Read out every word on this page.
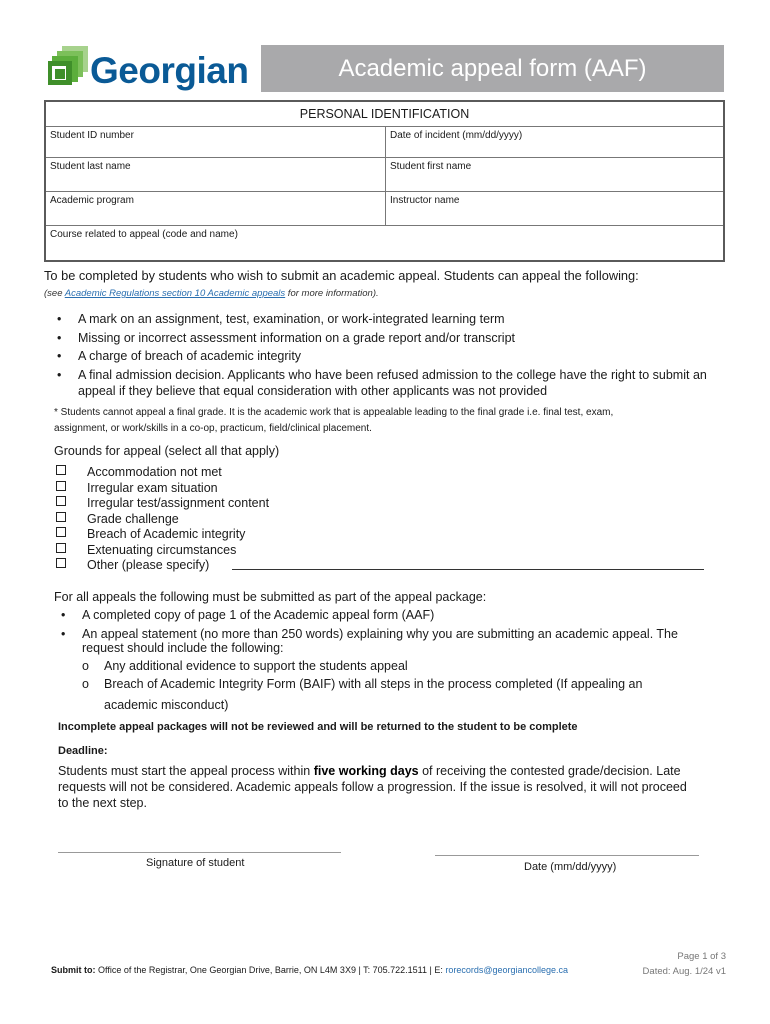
Georgian	Academic appeal form (AAF)
PERSONAL IDENTIFICATION
Student ID number	Date of incident (mm/dd/yyyy)
Student last name	Student first name
Academic program	Instructor name
Course related to appeal (code and name)
To be completed by students who wish to submit an academic appeal. Students can appeal the following:
(see Academic Regulations section 10 Academic appeals for more information).
• A mark on an assignment, test, examination, or work-integrated learning term
• Missing or incorrect assessment information on a grade report and/or transcript
• A charge of breach of academic integrity
• A final admission decision. Applicants who have been refused admission to the college have the right to submit an
appeal if they believe that equal consideration with other applicants was not provided
* Students cannot appeal a final grade. It is the academic work that is appealable leading to the final grade i.e. final test, exam,
assignment, or work/skills in a co-op, practicum, field/clinical placement.
Grounds for appeal (select all that apply)
Accommodation not met
Irregular exam situation
Irregular test/assignment content
Grade challenge
Breach of Academic integrity
Extenuating circumstances
Other (please specify)
For all appeals the following must be submitted as part of the appeal package:
• A completed copy of page 1 of the Academic appeal form (AAF)
• An appeal statement (no more than 250 words) explaining why you are submitting an academic appeal. The
request should include the following:
o Any additional evidence to support the students appeal
o Breach of Academic Integrity Form (BAIF) with all steps in the process completed (If appealing an
academic misconduct)
Incomplete appeal packages will not be reviewed and will be returned to the student to be complete
Deadline:
Students must start the appeal process within five working days of receiving the contested grade/decision. Late
requests will not be considered. Academic appeals follow a progression. If the issue is resolved, it will not proceed
to the next step.
Signature of student	Date (mm/dd/yyyy)
Submit to: Office of the Registrar, One Georgian Drive, Barrie, ON L4M 3X9 | T: 705.722.1511 | E: rorecords@georgiancollege.ca
Page 1 of 3
Dated: Aug. 1/24 v1
